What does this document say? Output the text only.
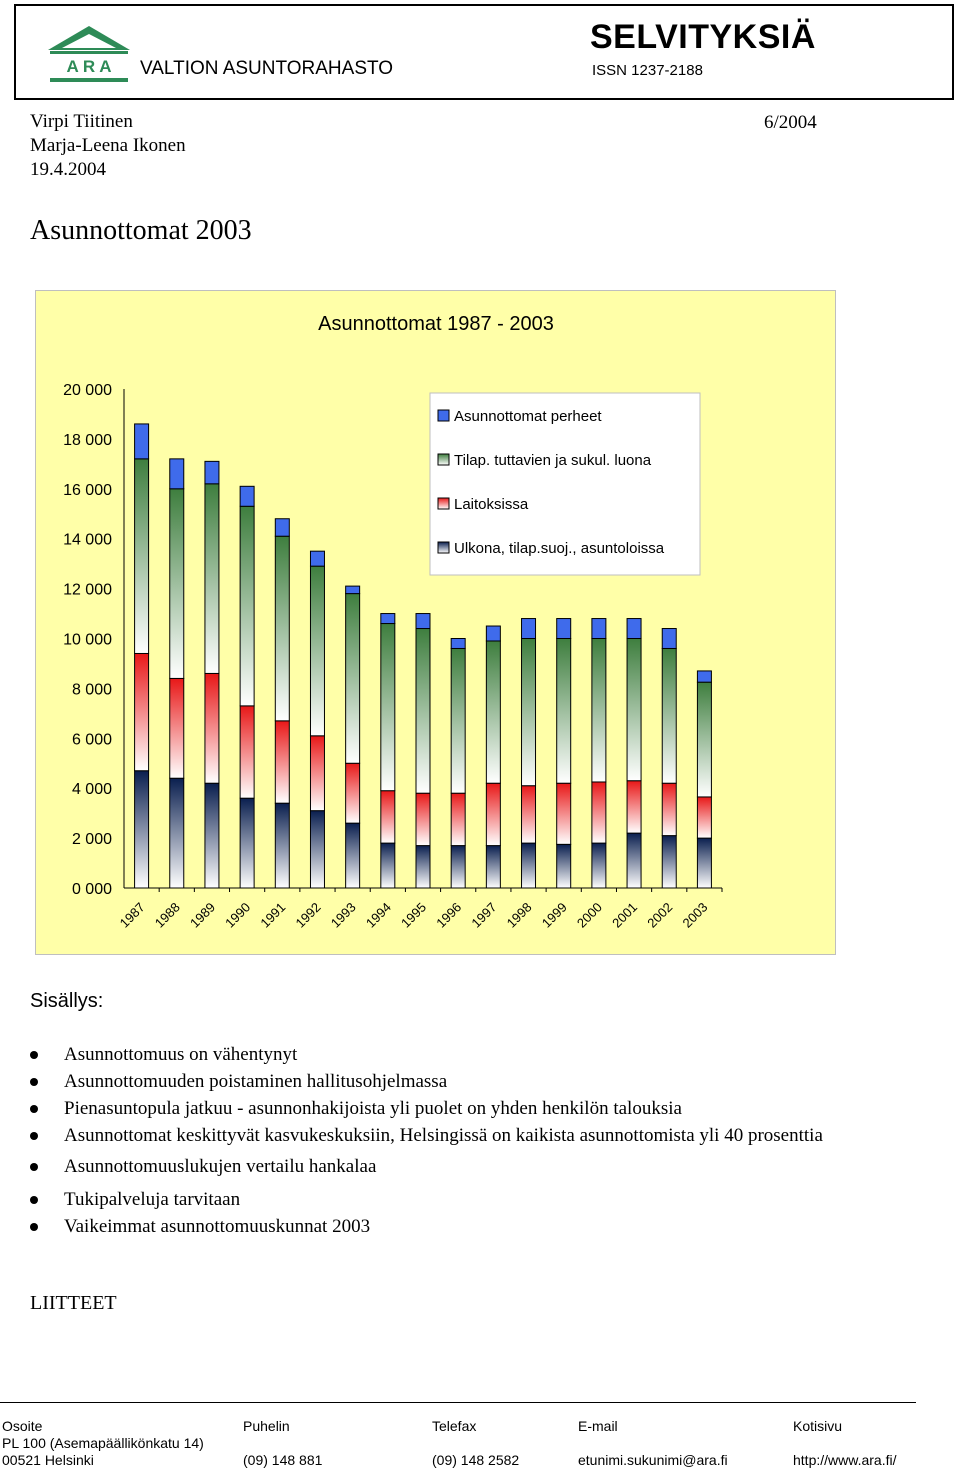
A R A VALTION ASUNTORAHASTO
SELVITYKSIÄ
ISSN 1237-2188
Virpi Tiitinen
Marja-Leena Ikonen
19.4.2004
6/2004
Asunnottomat 2003
Asunnottomat 1987 - 2003
0 000
2 000
4 000
6 000
8 000
10 000
12 000
14 000
16 000
18 000
20 000
1987 1988 1989 1990 1991 1992 1993 1994 1995 1996 1997 1998 1999 2000 2001 2002 2003
Asunnottomat perheet
Tilap. tuttavien ja sukul. luona
Laitoksissa
Ulkona, tilap.suoj., asuntoloissa
Sisällys:
Asunnottomuus on vähentynyt
Asunnottomuuden poistaminen hallitusohjelmassa
Pienasuntopula jatkuu - asunnonhakijoista yli puolet on yhden henkilön talouksia
Asunnottomat keskittyvät kasvukeskuksiin, Helsingissä on kaikista asunnottomista yli 40 prosenttia
Asunnottomuuslukujen vertailu hankalaa
Tukipalveluja tarvitaan
Vaikeimmat asunnottomuuskunnat 2003
LIITTEET
Osoite
PL 100 (Asemapäällikönkatu 14)
00521 Helsinki
Puhelin

(09) 148 881
Telefax

(09) 148 2582
E-mail

etunimi.sukunimi@ara.fi
Kotisivu

http://www.ara.fi/
